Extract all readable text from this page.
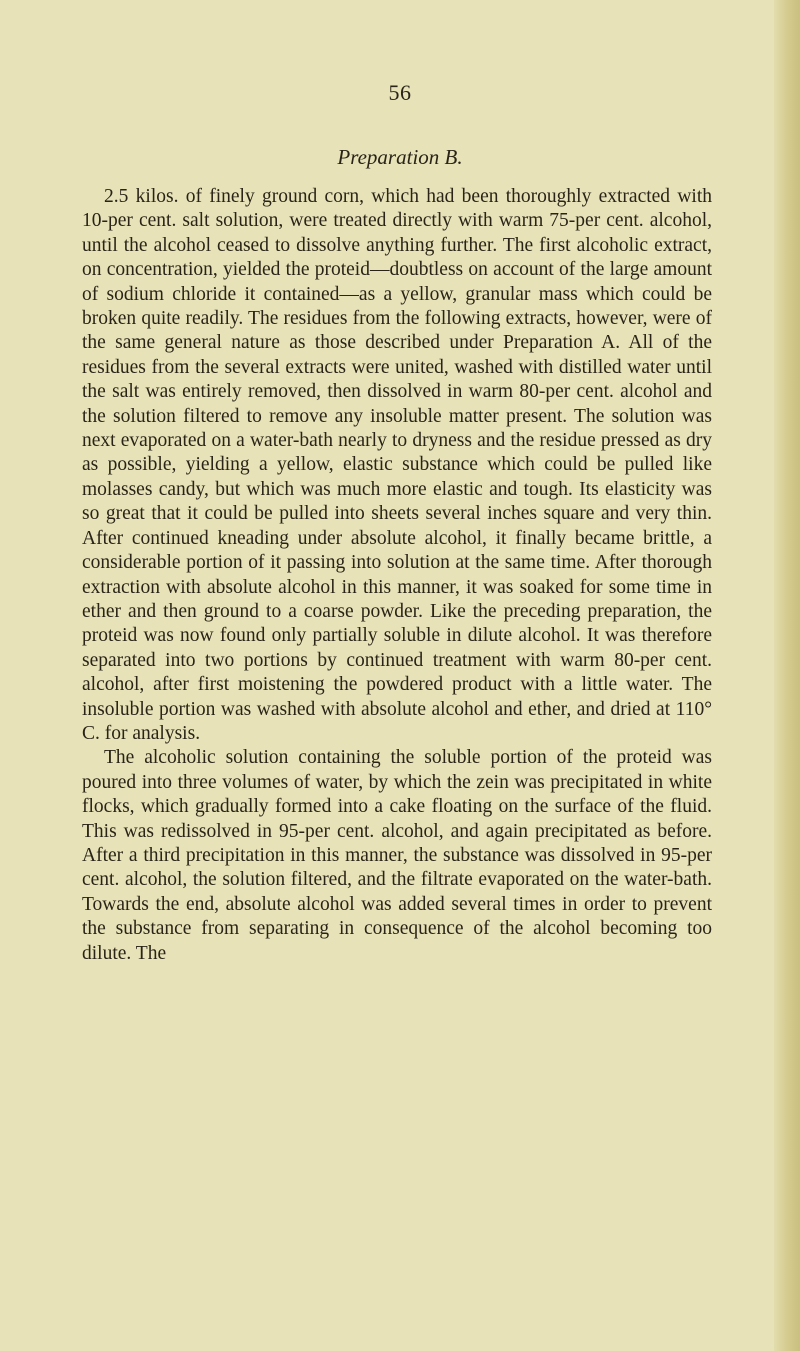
56
Preparation B.

2.5 kilos. of finely ground corn, which had been thoroughly extracted with 10-per cent. salt solution, were treated directly with warm 75-per cent. alcohol, until the alcohol ceased to dissolve anything further. The first alcoholic extract, on concentration, yielded the proteid—doubtless on account of the large amount of sodium chloride it contained—as a yellow, granular mass which could be broken quite readily. The residues from the following extracts, however, were of the same general nature as those described under Preparation A. All of the residues from the several extracts were united, washed with distilled water until the salt was entirely removed, then dissolved in warm 80-per cent. alcohol and the solution filtered to remove any insoluble matter present. The solution was next evaporated on a water-bath nearly to dryness and the residue pressed as dry as possible, yielding a yellow, elastic substance which could be pulled like molasses candy, but which was much more elastic and tough. Its elasticity was so great that it could be pulled into sheets several inches square and very thin. After continued kneading under absolute alcohol, it finally became brittle, a considerable portion of it passing into solution at the same time. After thorough extraction with absolute alcohol in this manner, it was soaked for some time in ether and then ground to a coarse powder. Like the preceding preparation, the proteid was now found only partially soluble in dilute alcohol. It was therefore separated into two portions by continued treatment with warm 80-per cent. alcohol, after first moistening the powdered product with a little water. The insoluble portion was washed with absolute alcohol and ether, and dried at 110° C. for analysis.

The alcoholic solution containing the soluble portion of the proteid was poured into three volumes of water, by which the zein was precipitated in white flocks, which gradually formed into a cake floating on the surface of the fluid. This was redissolved in 95-per cent. alcohol, and again precipitated as before. After a third precipitation in this manner, the substance was dissolved in 95-per cent. alcohol, the solution filtered, and the filtrate evaporated on the water-bath. Towards the end, absolute alcohol was added several times in order to prevent the substance from separating in consequence of the alcohol becoming too dilute. The
